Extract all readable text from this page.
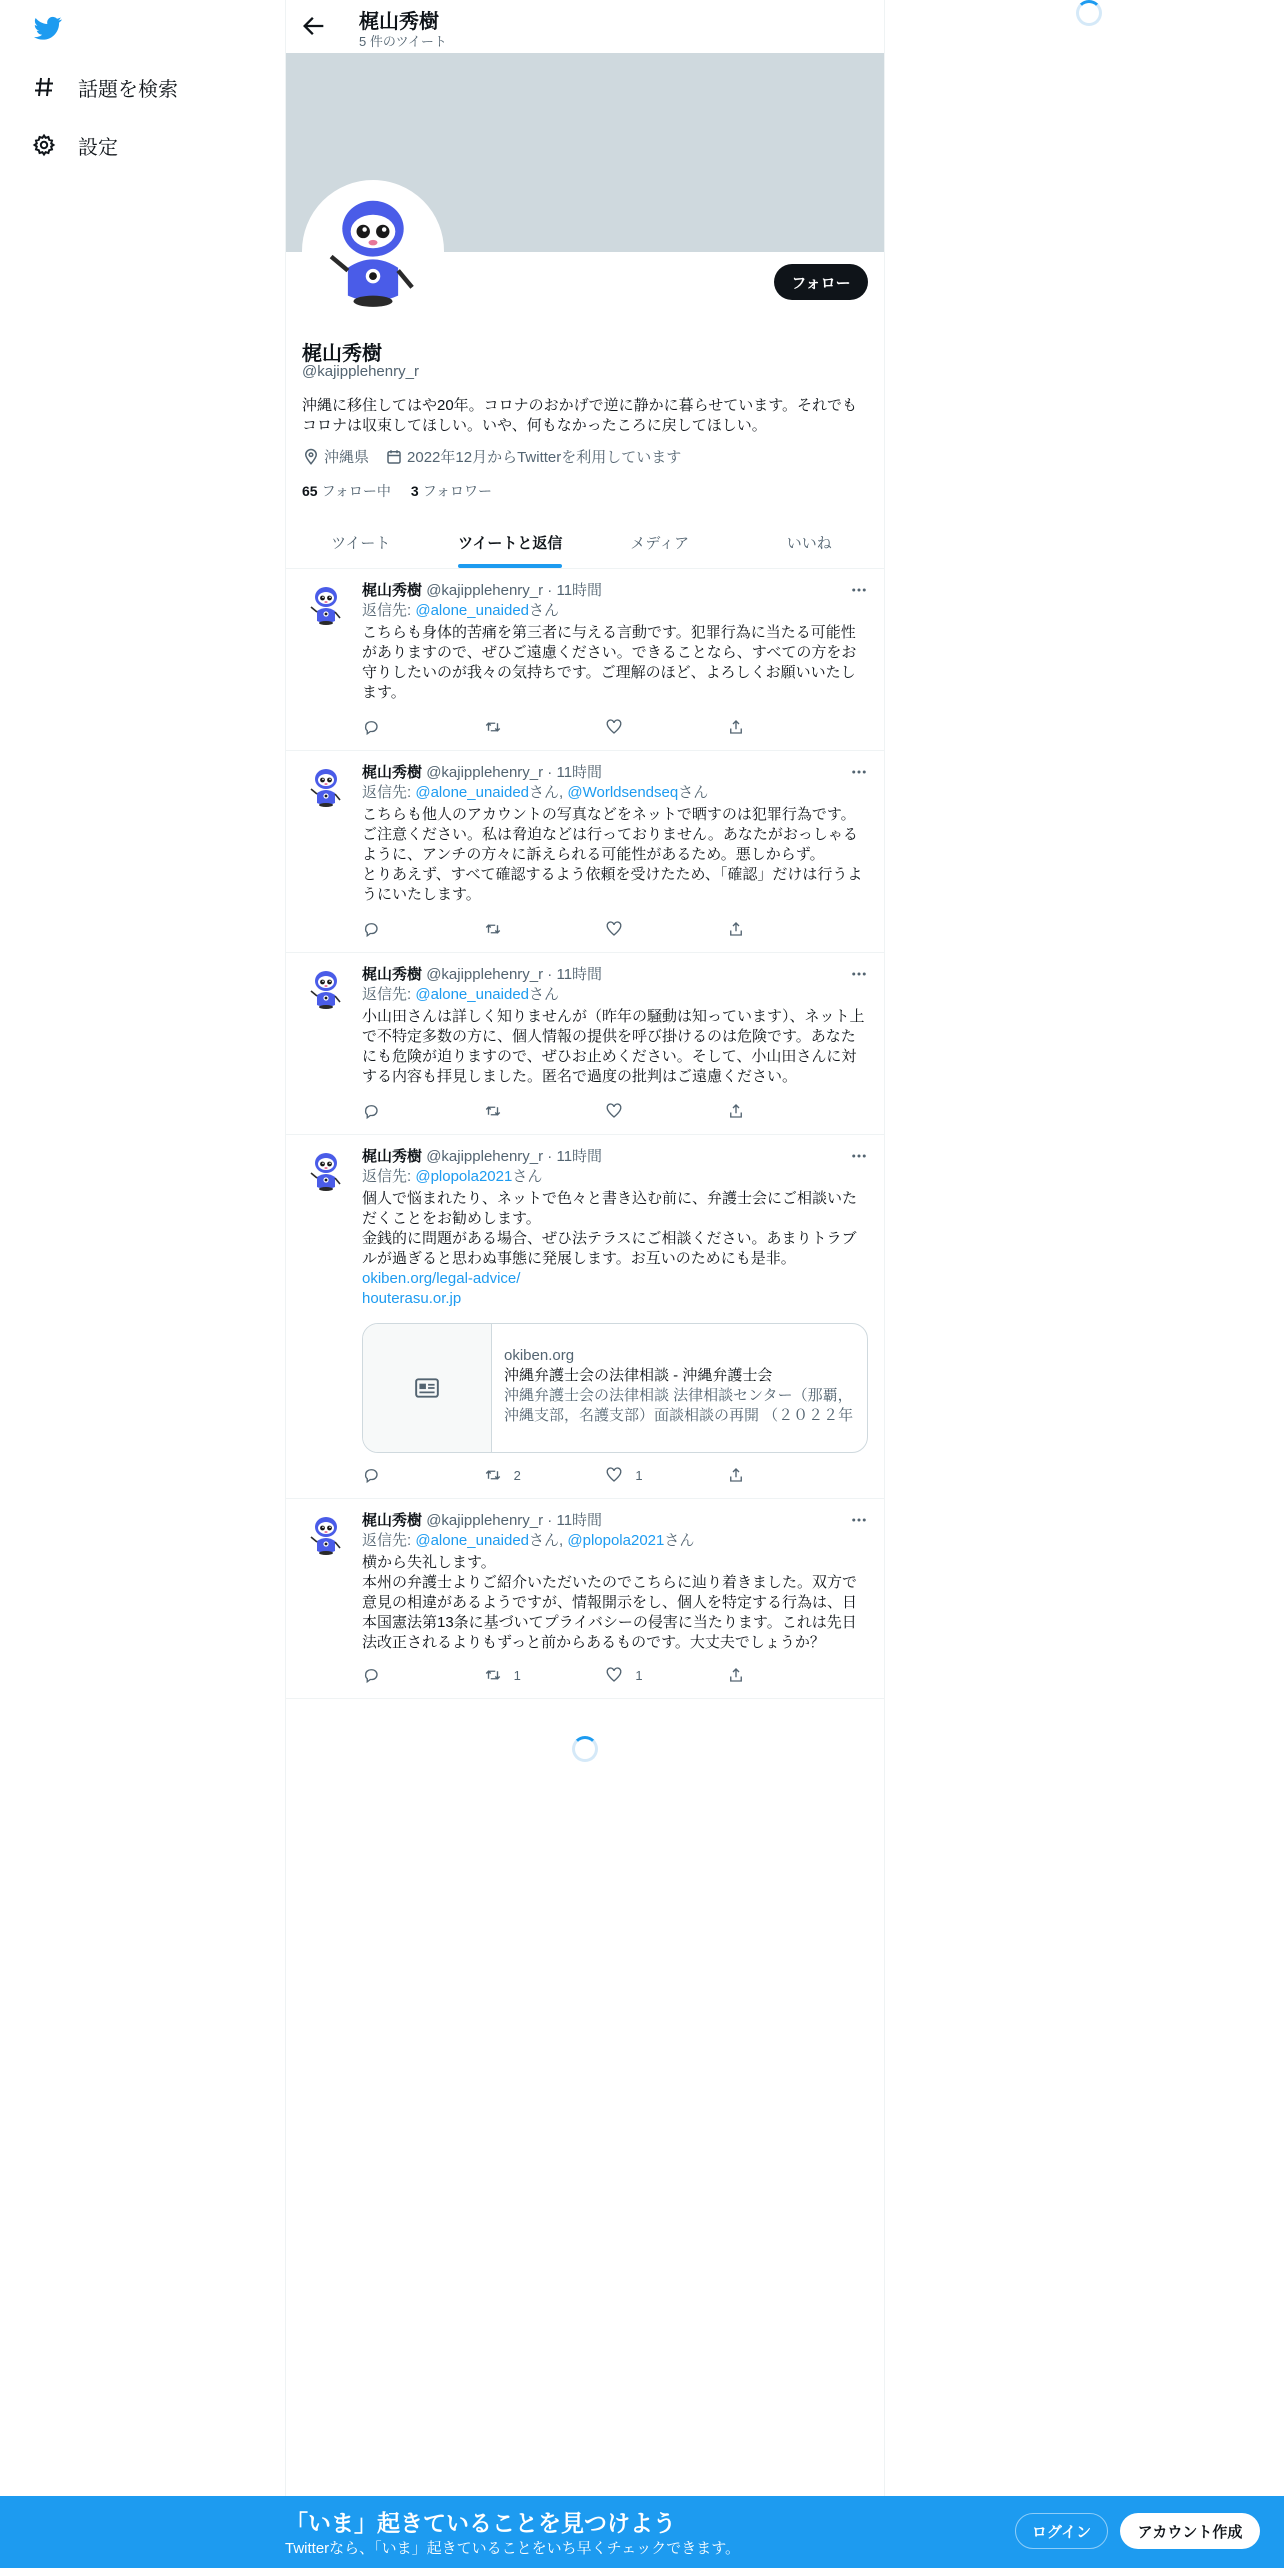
話題を検索
設定
梶山秀樹
5 件のツイート
フォロー
梶山秀樹
@kajipplehenry_r
沖縄に移住してはや20年。コロナのおかげで逆に静かに暮らせています。それでもコロナは収束してほしい。いや、何もなかったころに戻してほしい。
沖縄県	2022年12月からTwitterを利用しています
65 フォロー中 3 フォロワー
ツイート	ツイートと返信	メディア	いいね
梶山秀樹 @kajipplehenry_r · 11時間
返信先: @alone_unaidedさん
こちらも身体的苦痛を第三者に与える言動です。犯罪行為に当たる可能性がありますので、ぜひご遠慮ください。できることなら、すべての方をお守りしたいのが我々の気持ちです。ご理解のほど、よろしくお願いいたします。
梶山秀樹 @kajipplehenry_r · 11時間
返信先: @alone_unaidedさん, @Worldsendseqさん
こちらも他人のアカウントの写真などをネットで晒すのは犯罪行為です。ご注意ください。私は脅迫などは行っておりません。あなたがおっしゃるように、アンチの方々に訴えられる可能性があるため。悪しからず。
とりあえず、すべて確認するよう依頼を受けたため、「確認」だけは行うようにいたします。
梶山秀樹 @kajipplehenry_r · 11時間
返信先: @alone_unaidedさん
小山田さんは詳しく知りませんが（昨年の騒動は知っています）、ネット上で不特定多数の方に、個人情報の提供を呼び掛けるのは危険です。あなたにも危険が迫りますので、ぜひお止めください。そして、小山田さんに対する内容も拝見しました。匿名で過度の批判はご遠慮ください。
梶山秀樹 @kajipplehenry_r · 11時間
返信先: @plopola2021さん
個人で悩まれたり、ネットで色々と書き込む前に、弁護士会にご相談いただくことをお勧めします。
金銭的に問題がある場合、ぜひ法テラスにご相談ください。あまりトラブルが過ぎると思わぬ事態に発展します。お互いのためにも是非。
okiben.org/legal-advice/
houterasu.or.jp
okiben.org
沖縄弁護士会の法律相談 - 沖縄弁護士会
沖縄弁護士会の法律相談 法律相談センター（那覇，
沖縄支部，名護支部）面談相談の再開 （２０２２年
2	1
梶山秀樹 @kajipplehenry_r · 11時間
返信先: @alone_unaidedさん, @plopola2021さん
横から失礼します。
本州の弁護士よりご紹介いただいたのでこちらに辿り着きました。双方で意見の相違があるようですが、情報開示をし、個人を特定する行為は、日本国憲法第13条に基づいてプライバシーの侵害に当たります。これは先日法改正されるよりもずっと前からあるものです。大丈夫でしょうか？
1	1
「いま」起きていることを見つけよう
Twitterなら、「いま」起きていることをいち早くチェックできます。
ログイン	アカウント作成
